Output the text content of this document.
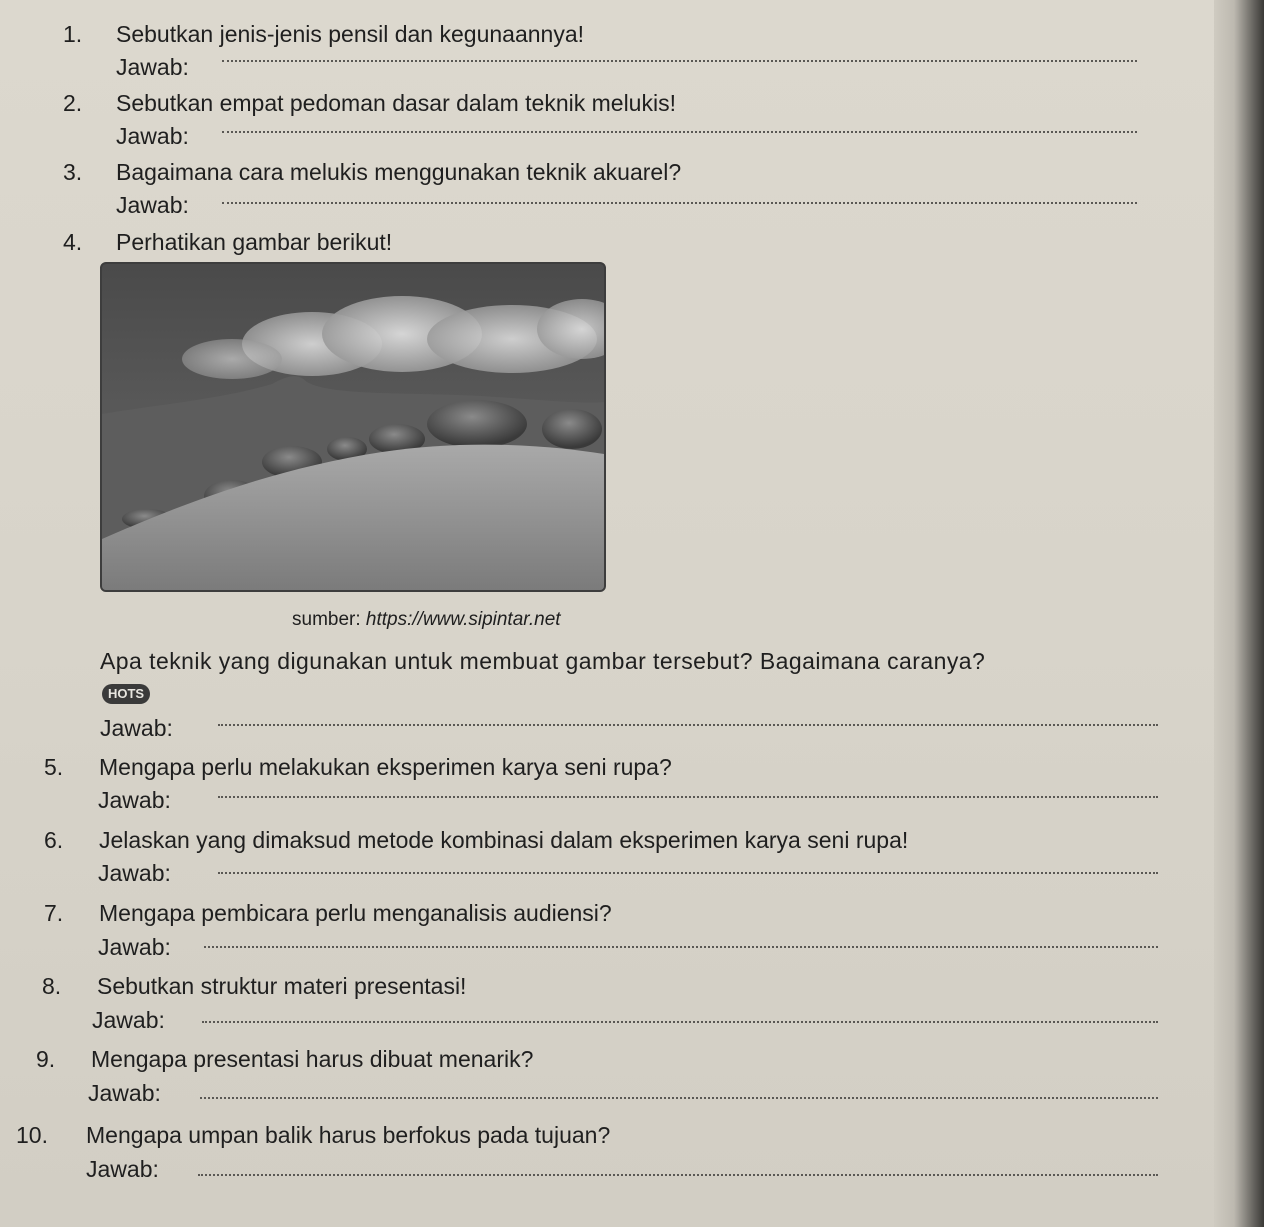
1. Sebutkan jenis-jenis pensil dan kegunaannya!
Jawab:
2. Sebutkan empat pedoman dasar dalam teknik melukis!
Jawab:
3. Bagaimana cara melukis menggunakan teknik akuarel?
Jawab:
4. Perhatikan gambar berikut!
sumber: https://www.sipintar.net
Apa teknik yang digunakan untuk membuat gambar tersebut? Bagaimana caranya?
HOTS
Jawab:
5. Mengapa perlu melakukan eksperimen karya seni rupa?
Jawab:
6. Jelaskan yang dimaksud metode kombinasi dalam eksperimen karya seni rupa!
Jawab:
7. Mengapa pembicara perlu menganalisis audiensi?
Jawab:
8. Sebutkan struktur materi presentasi!
Jawab:
9. Mengapa presentasi harus dibuat menarik?
Jawab:
10. Mengapa umpan balik harus berfokus pada tujuan?
Jawab:
